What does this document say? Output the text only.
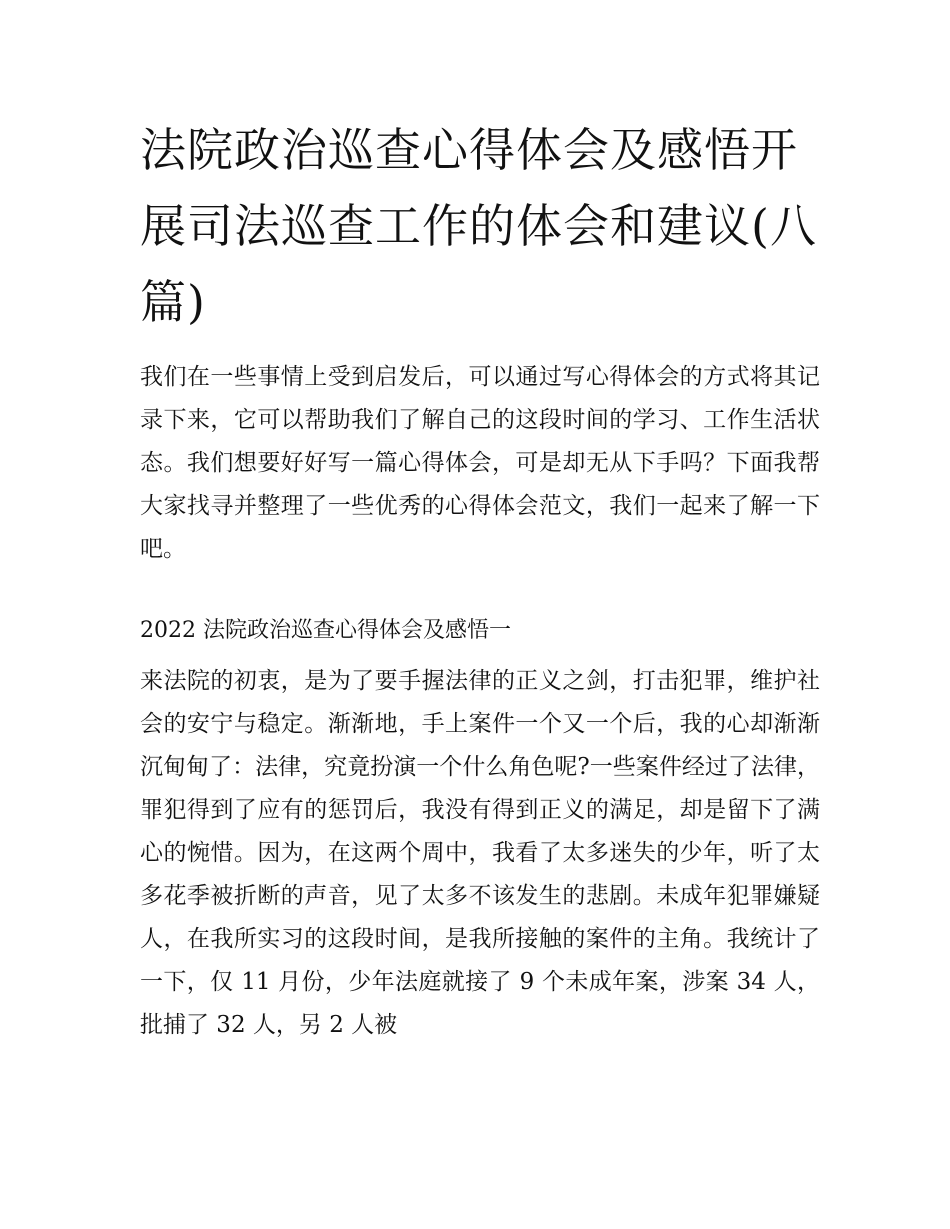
法院政治巡查心得体会及感悟开展司法巡查工作的体会和建议(八篇)

我们在一些事情上受到启发后，可以通过写心得体会的方式将其记录下来，它可以帮助我们了解自己的这段时间的学习、工作生活状态。我们想要好好写一篇心得体会，可是却无从下手吗？下面我帮大家找寻并整理了一些优秀的心得体会范文，我们一起来了解一下吧。

2022 法院政治巡查心得体会及感悟一

来法院的初衷，是为了要手握法律的正义之剑，打击犯罪，维护社会的安宁与稳定。渐渐地，手上案件一个又一个后，我的心却渐渐沉甸甸了：法律，究竟扮演一个什么角色呢?一些案件经过了法律，罪犯得到了应有的惩罚后，我没有得到正义的满足，却是留下了满心的惋惜。因为，在这两个周中，我看了太多迷失的少年，听了太多花季被折断的声音，见了太多不该发生的悲剧。未成年犯罪嫌疑人，在我所实习的这段时间，是我所接触的案件的主角。我统计了一下，仅 11 月份，少年法庭就接了 9 个未成年案，涉案 34 人，批捕了 32 人，另 2 人被
